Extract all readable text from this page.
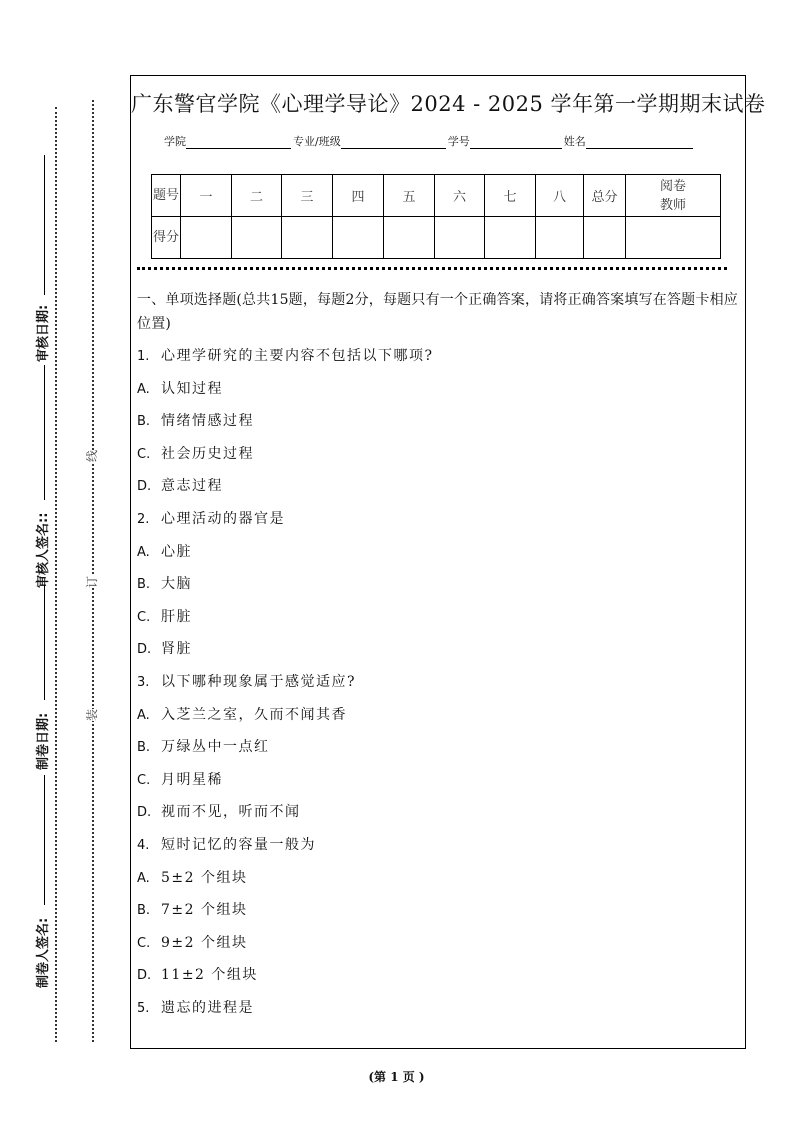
审核日期:
审核人签名::
制卷日期:
制卷人签名:
线
订
装
广东警官学院《心理学导论》2024 - 2025 学年第一学期期末试卷
学院	专业/班级	学号	姓名
题号	一	二	三	四	五	六	七	八	总分	阅卷教师
得分										
一、单项选择题(总共15题，每题2分，每题只有一个正确答案，请将正确答案填写在答题卡相应位置)
1. 心理学研究的主要内容不包括以下哪项?
A. 认知过程
B. 情绪情感过程
C. 社会历史过程
D. 意志过程
2. 心理活动的器官是
A. 心脏
B. 大脑
C. 肝脏
D. 肾脏
3. 以下哪种现象属于感觉适应?
A. 入芝兰之室，久而不闻其香
B. 万绿丛中一点红
C. 月明星稀
D. 视而不见，听而不闻
4. 短时记忆的容量一般为
A. 5±2 个组块
B. 7±2 个组块
C. 9±2 个组块
D. 11±2 个组块
5. 遗忘的进程是
(第 1 页 )
